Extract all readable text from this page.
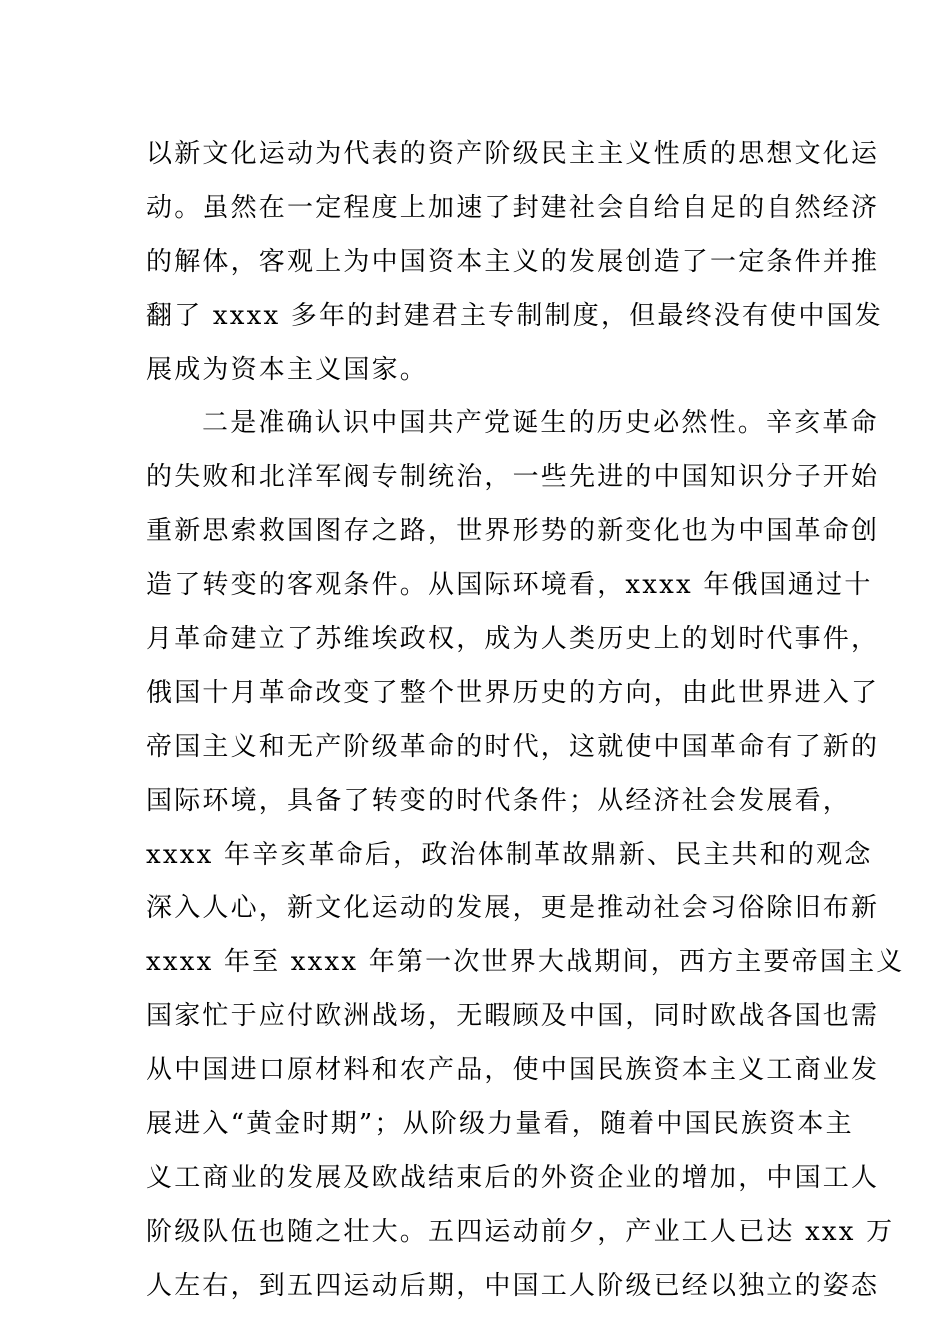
以新文化运动为代表的资产阶级民主主义性质的思想文化运
动。虽然在一定程度上加速了封建社会自给自足的自然经济
的解体，客观上为中国资本主义的发展创造了一定条件并推
翻了 xxxx 多年的封建君主专制制度，但最终没有使中国发
展成为资本主义国家。
二是准确认识中国共产党诞生的历史必然性。辛亥革命
的失败和北洋军阀专制统治，一些先进的中国知识分子开始
重新思索救国图存之路，世界形势的新变化也为中国革命创
造了转变的客观条件。从国际环境看，xxxx 年俄国通过十
月革命建立了苏维埃政权，成为人类历史上的划时代事件，
俄国十月革命改变了整个世界历史的方向，由此世界进入了
帝国主义和无产阶级革命的时代，这就使中国革命有了新的
国际环境，具备了转变的时代条件；从经济社会发展看，
xxxx 年辛亥革命后，政治体制革故鼎新、民主共和的观念
深入人心，新文化运动的发展，更是推动社会习俗除旧布新
xxxx 年至 xxxx 年第一次世界大战期间，西方主要帝国主义
国家忙于应付欧洲战场，无暇顾及中国，同时欧战各国也需
从中国进口原材料和农产品，使中国民族资本主义工商业发
展进入“黄金时期”；从阶级力量看，随着中国民族资本主
义工商业的发展及欧战结束后的外资企业的增加，中国工人
阶级队伍也随之壮大。五四运动前夕，产业工人已达 xxx 万
人左右，到五四运动后期，中国工人阶级已经以独立的姿态
